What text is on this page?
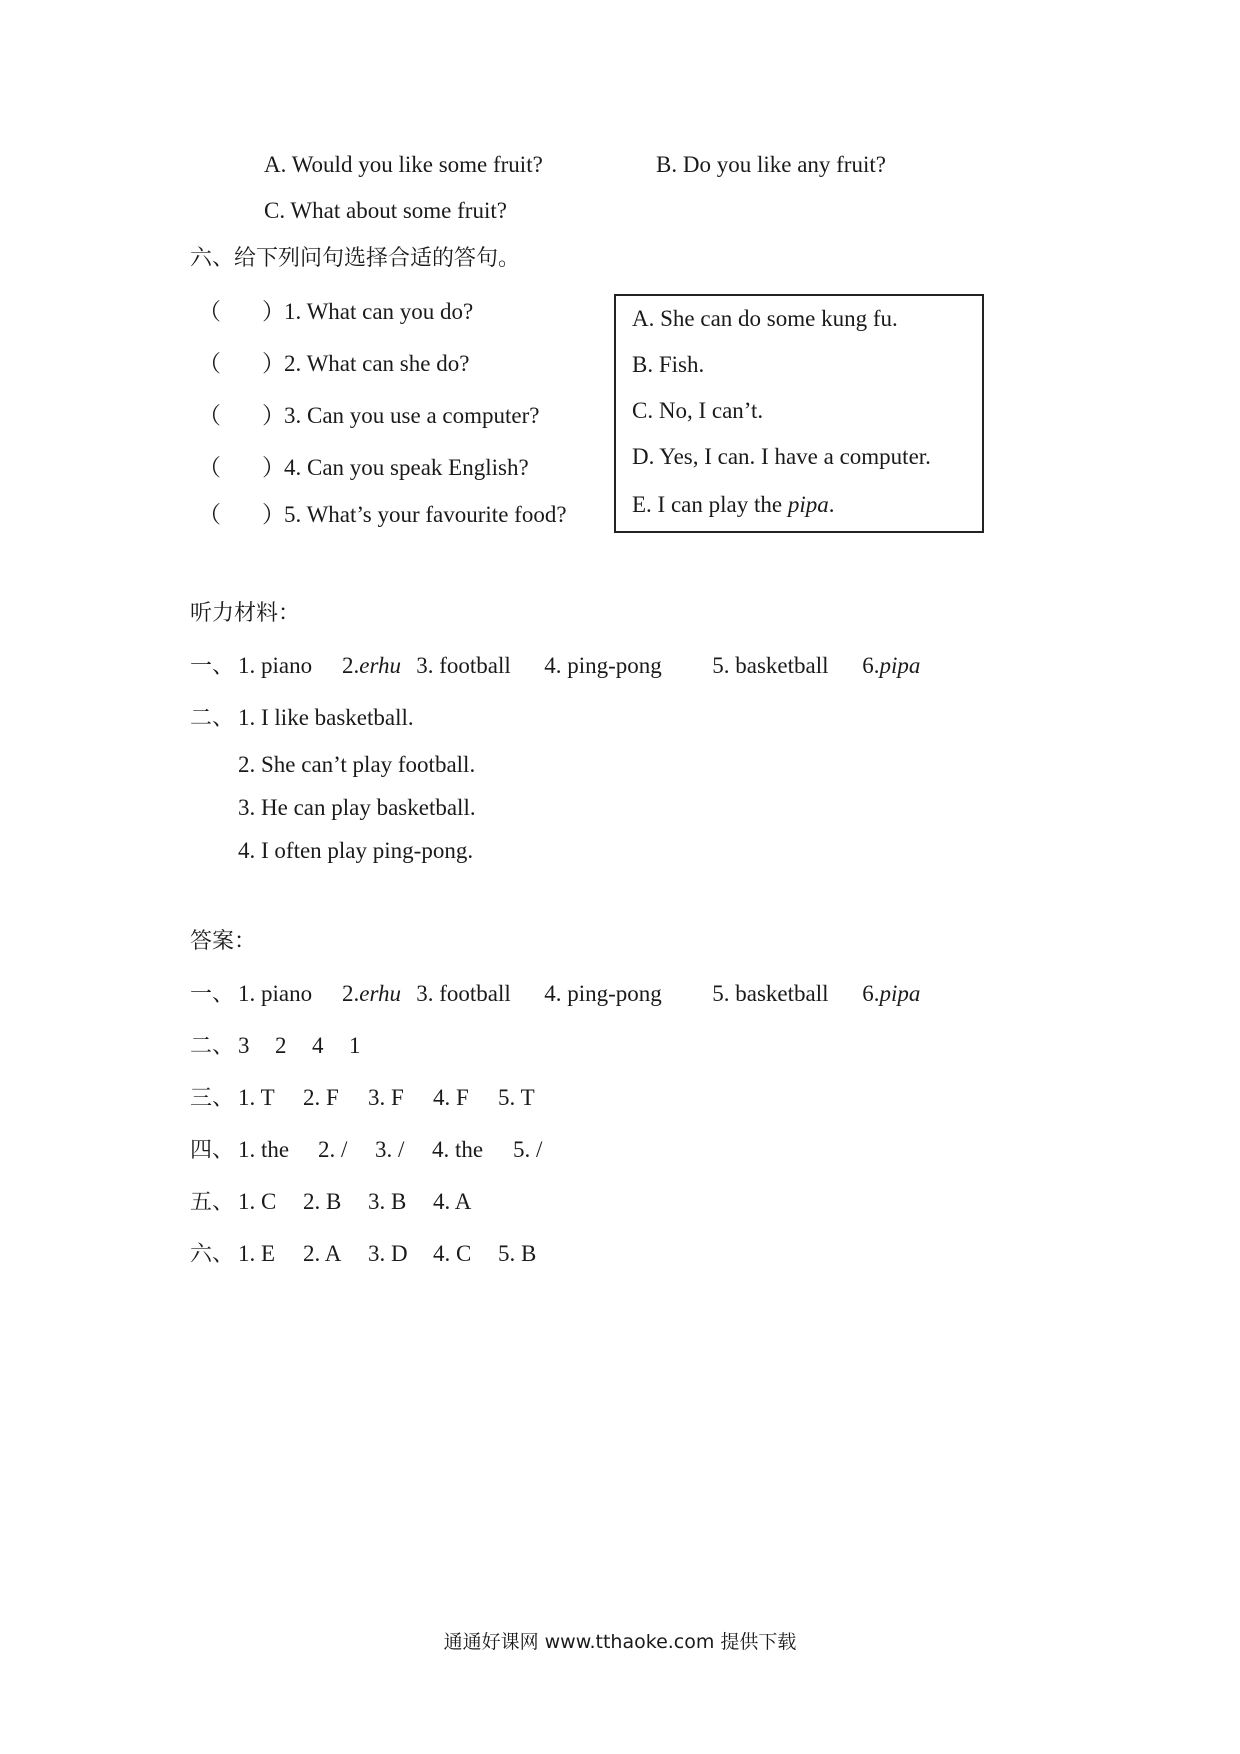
A. Would you like some fruit?	B. Do you like any fruit?
C. What about some fruit?
六、给下列问句选择合适的答句。
（ ）1. What can you do?
（ ）2. What can she do?
（ ）3. Can you use a computer?
（ ）4. Can you speak English?
（ ）5. What’s your favourite food?
A. She can do some kung fu.
B. Fish.
C. No, I can’t.
D. Yes, I can. I have a computer.
E. I can play the pipa.
听力材料：
一、 1. piano 2.erhu 3. football 4. ping-pong 5. basketball 6.pipa
二、 1. I like basketball.
2. She can’t play football.
3. He can play basketball.
4. I often play ping-pong.
答案：
一、 1. piano 2.erhu 3. football 4. ping-pong 5. basketball 6.pipa
二、 3 2 4 1
三、 1. T 2. F 3. F 4. F 5. T
四、 1. the 2. / 3. / 4. the 5. /
五、 1. C 2. B 3. B 4. A
六、 1. E 2. A 3. D 4. C 5. B
通通好课网 www.tthaoke.com 提供下载
